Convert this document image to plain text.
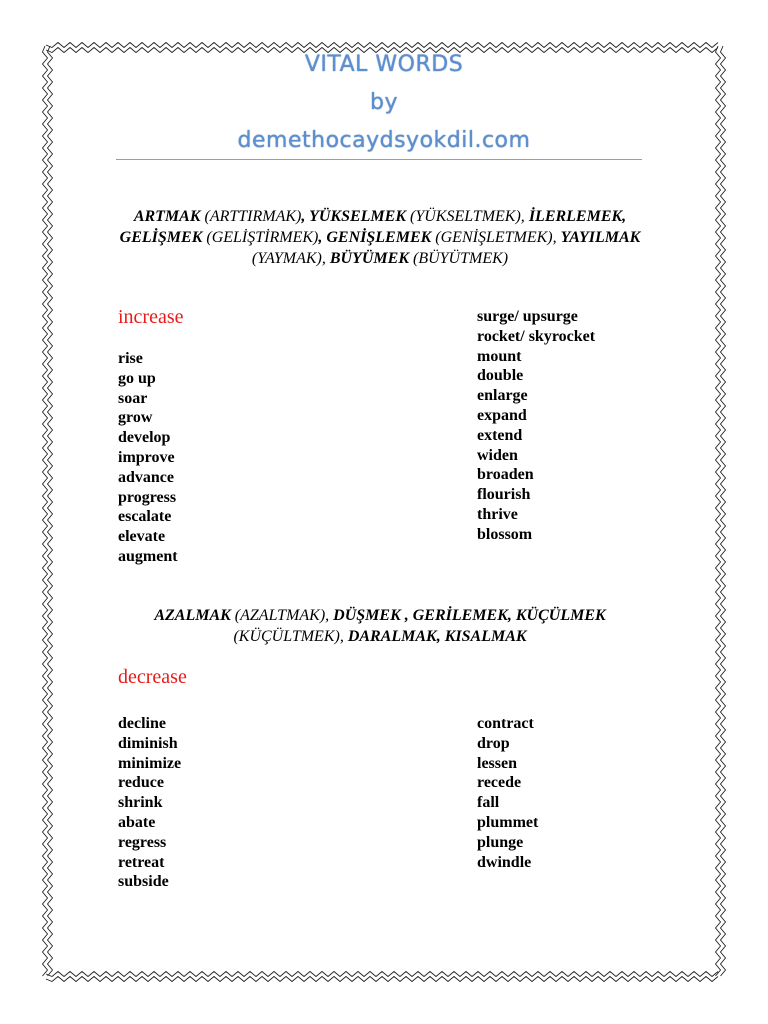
VITAL WORDS
by
demethocaydsyokdil.com
ARTMAK (ARTTIRMAK), YÜKSELMEK (YÜKSELTMEK), İLERLEMEK, GELİŞMEK (GELİŞTİRMEK), GENİŞLEMEK (GENİŞLETMEK), YAYILMAK (YAYMAK), BÜYÜMEK (BÜYÜTMEK)
increase
rise
go up
soar
grow
develop
improve
advance
progress
escalate
elevate
augment
surge/ upsurge
rocket/ skyrocket
mount
double
enlarge
expand
extend
widen
broaden
flourish
thrive
blossom
AZALMAK (AZALTMAK), DÜŞMEK , GERİLEMEK, KÜÇÜLMEK (KÜÇÜLTMEK), DARALMAK, KISALMAK
decrease
decline
diminish
minimize
reduce
shrink
abate
regress
retreat
subside
contract
drop
lessen
recede
fall
plummet
plunge
dwindle
